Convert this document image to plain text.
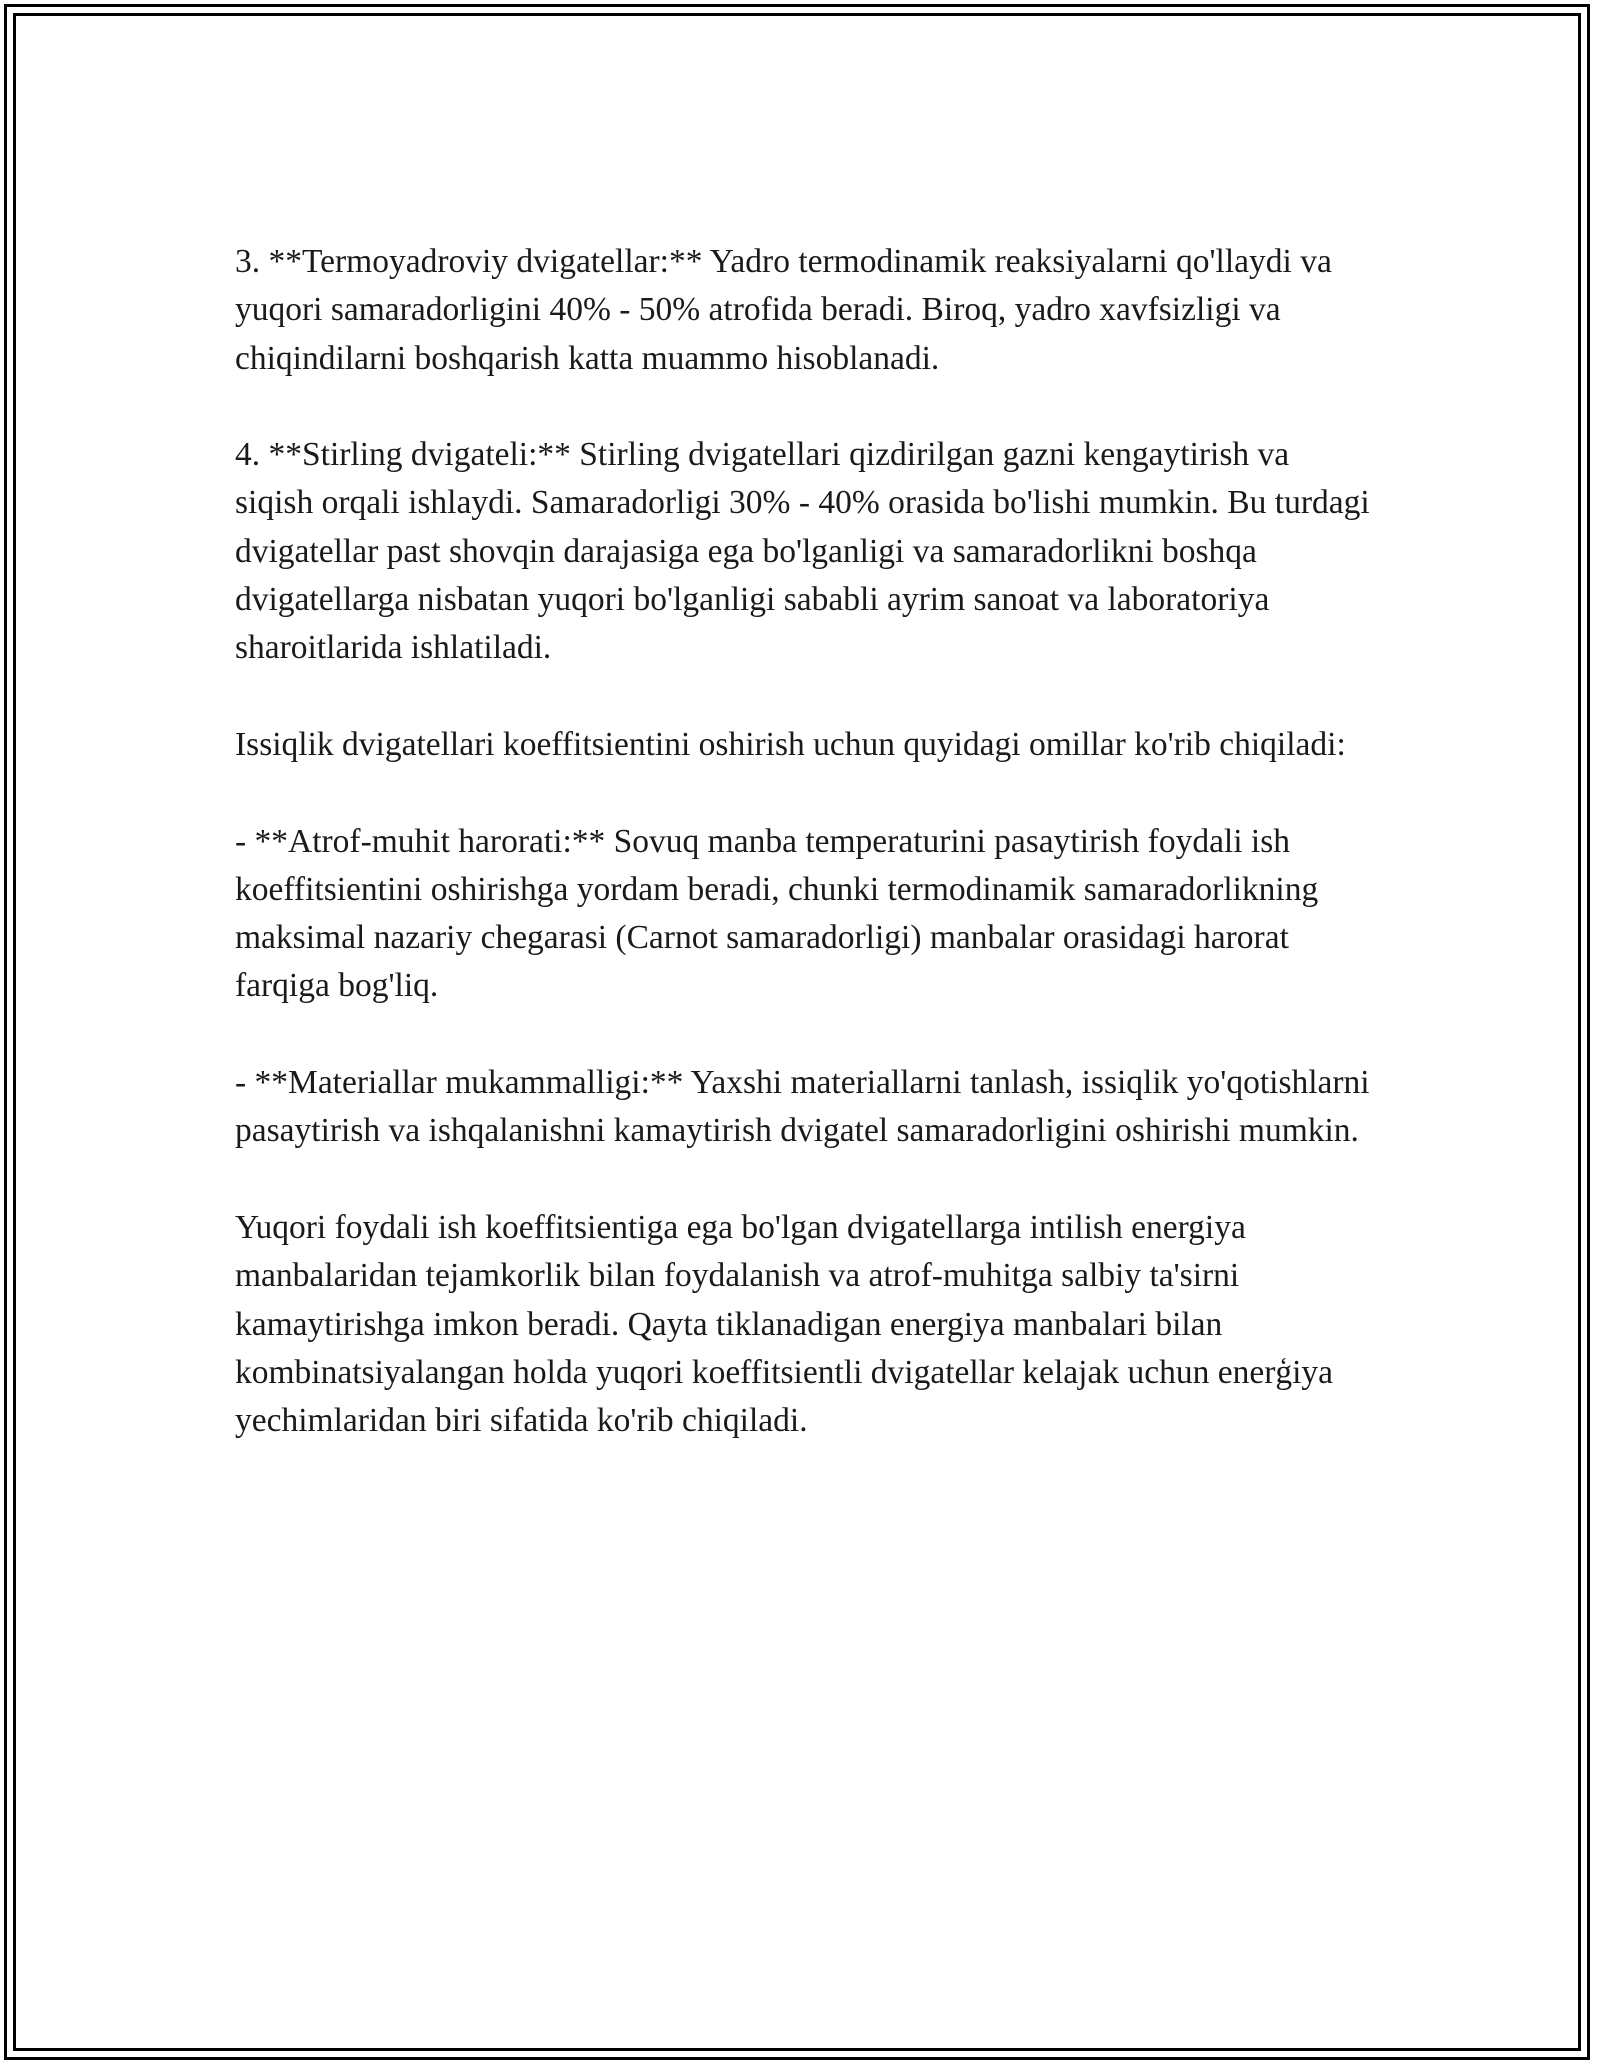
3. **Termoyadroviy dvigatellar:** Yadro termodinamik reaksiyalarni qo'llaydi va yuqori samaradorligini 40% - 50% atrofida beradi. Biroq, yadro xavfsizligi va chiqindilarni boshqarish katta muammo hisoblanadi.

4. **Stirling dvigateli:** Stirling dvigatellari qizdirilgan gazni kengaytirish va siqish orqali ishlaydi. Samaradorligi 30% - 40% orasida bo'lishi mumkin. Bu turdagi dvigatellar past shovqin darajasiga ega bo'lganligi va samaradorlikni boshqa dvigatellarga nisbatan yuqori bo'lganligi sababli ayrim sanoat va laboratoriya sharoitlarida ishlatiladi.

Issiqlik dvigatellari koeffitsientini oshirish uchun quyidagi omillar ko'rib chiqiladi:

- **Atrof-muhit harorati:** Sovuq manba temperaturini pasaytirish foydali ish koeffitsientini oshirishga yordam beradi, chunki termodinamik samaradorlikning maksimal nazariy chegarasi (Carnot samaradorligi) manbalar orasidagi harorat farqiga bog'liq.

- **Materiallar mukammalligi:** Yaxshi materiallarni tanlash, issiqlik yo'qotishlarni pasaytirish va ishqalanishni kamaytirish dvigatel samaradorligini oshirishi mumkin.

Yuqori foydali ish koeffitsientiga ega bo'lgan dvigatellarga intilish energiya manbalaridan tejamkorlik bilan foydalanish va atrof-muhitga salbiy ta'sirni kamaytirishga imkon beradi. Qayta tiklanadigan energiya manbalari bilan kombinatsiyalangan holda yuqori koeffitsientli dvigatellar kelajak uchun enerģiya yechimlaridan biri sifatida ko'rib chiqiladi.
